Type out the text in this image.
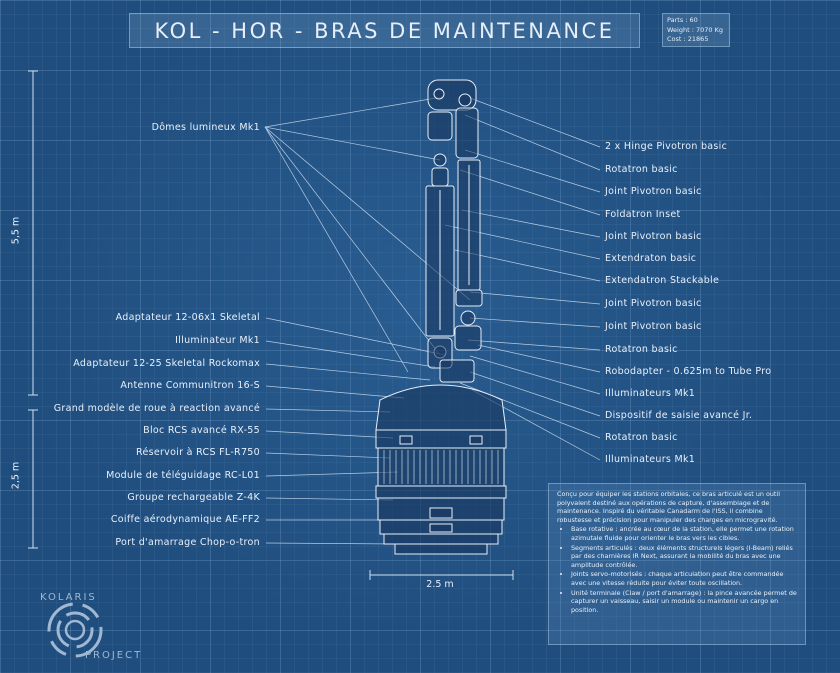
KOL - HOR - BRAS DE MAINTENANCE	Parts : 60
Weight : 7070 Kg
Cost : 21865
Dômes lumineux Mk1
Adaptateur 12-06x1 Skeletal
Illuminateur Mk1
Adaptateur 12-25 Skeletal Rockomax
Antenne Communitron 16-S
Grand modèle de roue à reaction avancé
Bloc RCS avancé RX-55
Réservoir à RCS FL-R750
Module de téléguidage RC-L01
Groupe rechargeable Z-4K
Coiffe aérodynamique AE-FF2
Port d'amarrage Chop-o-tron
2 x Hinge Pivotron basic
Rotatron basic
Joint Pivotron basic
Foldatron Inset
Joint Pivotron basic
Extendraton basic
Extendatron Stackable
Joint Pivotron basic
Joint Pivotron basic
Rotatron basic
Robodapter - 0.625m to Tube Pro
Illuminateurs Mk1
Dispositif de saisie avancé Jr.
Rotatron basic
Illuminateurs Mk1
5,5 m
2,5 m
2.5 m
Conçu pour équiper les stations orbitales, ce bras articulé est un outil polyvalent destiné aux opérations de capture, d'assemblage et de maintenance. Inspiré du véritable Canadarm de l'ISS, il combine robustesse et précision pour manipuler des charges en microgravité.
• Base rotative : ancrée au cœur de la station, elle permet une rotation azimutale fluide pour orienter le bras vers les cibles.
• Segments articulés : deux éléments structurels légers (I-Beam) reliés par des charnières IR Next, assurant la mobilité du bras avec une amplitude contrôlée.
• Joints servo-motorisés : chaque articulation peut être commandée avec une vitesse réduite pour éviter toute oscillation.
• Unité terminale (Claw / port d'amarrage) : la pince avancée permet de capturer un vaisseau, saisir un module ou maintenir un cargo en position.
KOLARIS
PROJECT
